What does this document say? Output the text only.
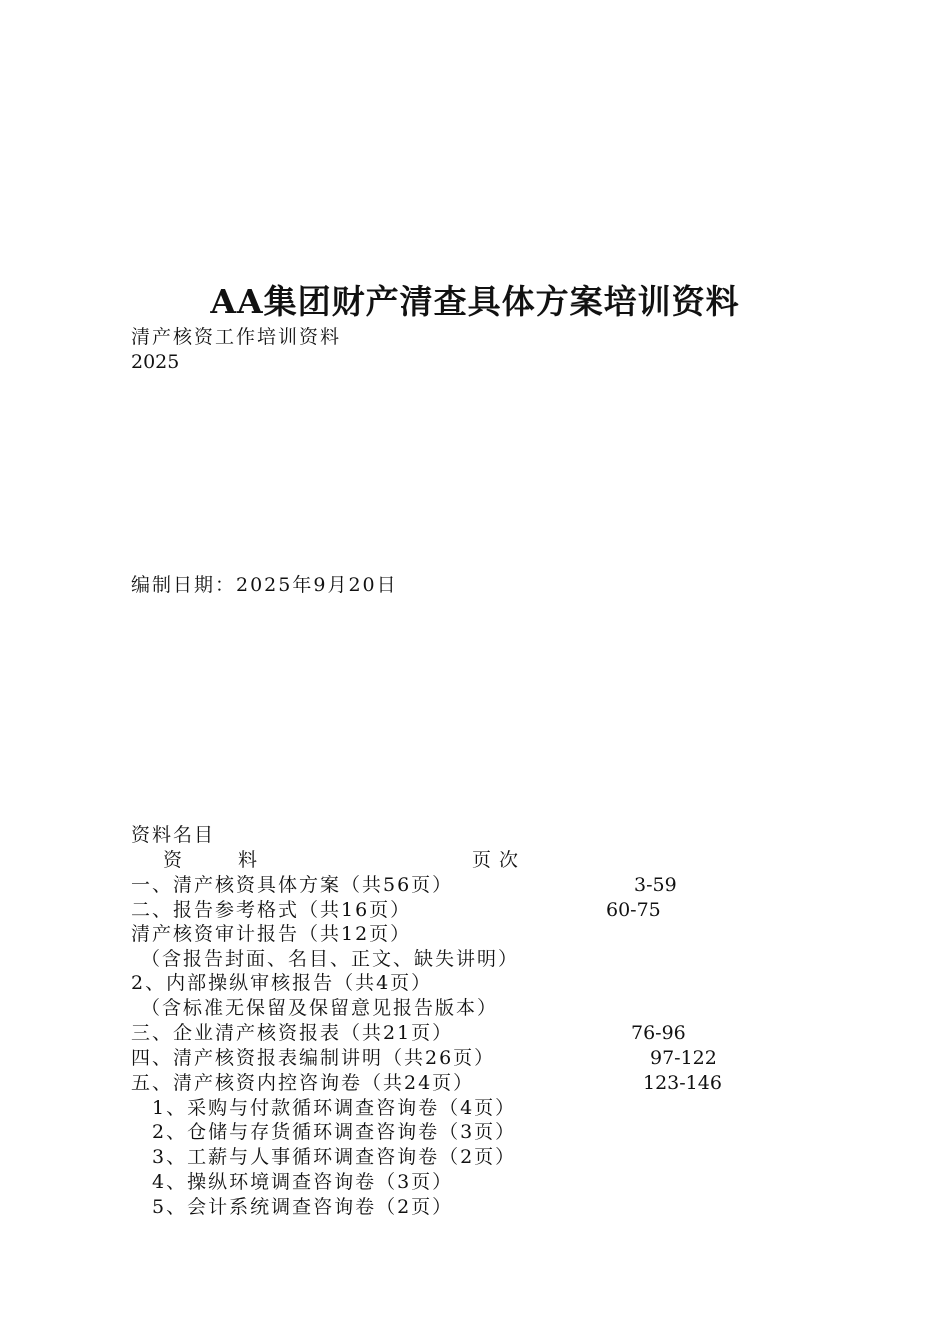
AA集团财产清查具体方案培训资料
清产核资工作培训资料
2025
编制日期：2025年9月20日
资料名目
资　　料	页次
一、清产核资具体方案（共56页）	3-59
二、报告参考格式（共16页）	60-75
清产核资审计报告（共12页）
（含报告封面、名目、正文、缺失讲明）
2、内部操纵审核报告（共4页）
（含标准无保留及保留意见报告版本）
三、企业清产核资报表（共21页）	76-96
四、清产核资报表编制讲明（共26页）	97-122
五、清产核资内控咨询卷（共24页）	123-146
1、采购与付款循环调查咨询卷（4页）
2、仓储与存货循环调查咨询卷（3页）
3、工薪与人事循环调查咨询卷（2页）
4、操纵环境调查咨询卷（3页）
5、会计系统调查咨询卷（2页）
